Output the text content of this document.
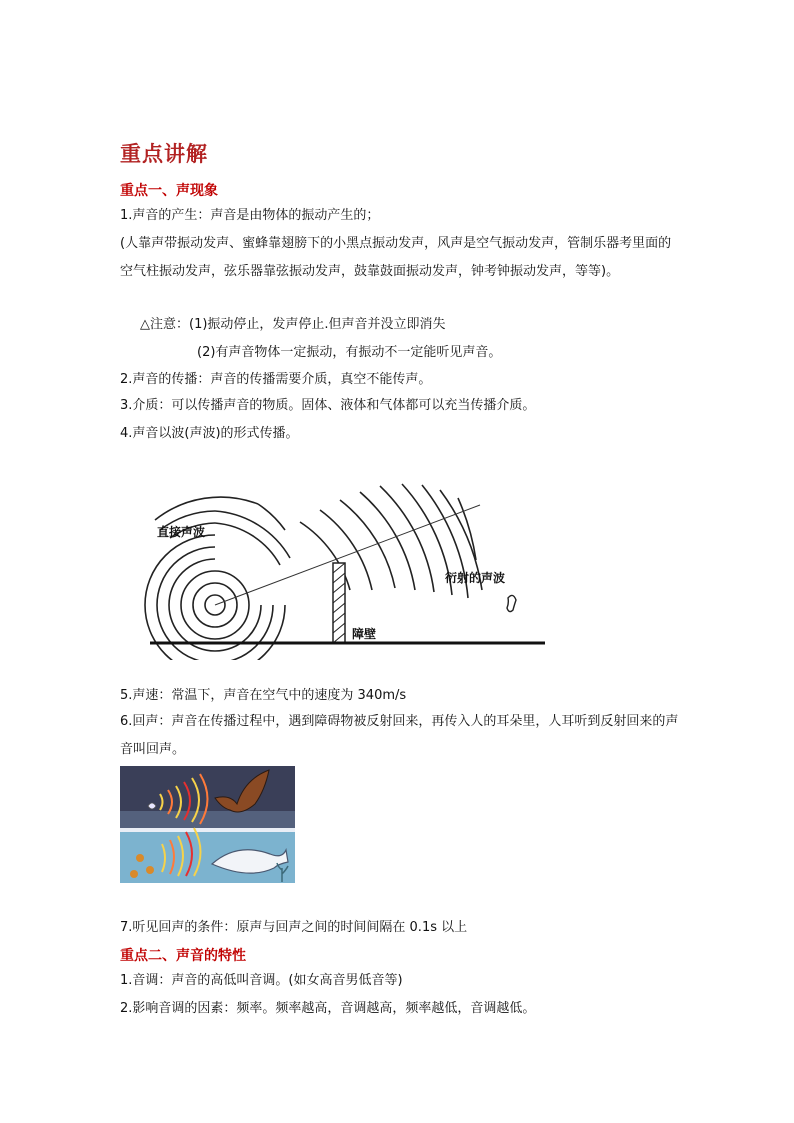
重点讲解
重点一、声现象
1.声音的产生：声音是由物体的振动产生的；
(人靠声带振动发声、蜜蜂靠翅膀下的小黑点振动发声，风声是空气振动发声，管制乐器考里面的空气柱振动发声，弦乐器靠弦振动发声，鼓靠鼓面振动发声，钟考钟振动发声，等等)。
△注意：(1)振动停止，发声停止.但声音并没立即消失
(2)有声音物体一定振动，有振动不一定能听见声音。
2.声音的传播：声音的传播需要介质，真空不能传声。
3.介质：可以传播声音的物质。固体、液体和气体都可以充当传播介质。
4.声音以波(声波)的形式传播。
直接声波
衍射的声波
障壁
5.声速：常温下，声音在空气中的速度为 340m/s
6.回声：声音在传播过程中，遇到障碍物被反射回来，再传入人的耳朵里，人耳听到反射回来的声音叫回声。
7.听见回声的条件：原声与回声之间的时间间隔在 0.1s 以上
重点二、声音的特性
1.音调：声音的高低叫音调。(如女高音男低音等)
2.影响音调的因素：频率。频率越高，音调越高，频率越低，音调越低。
